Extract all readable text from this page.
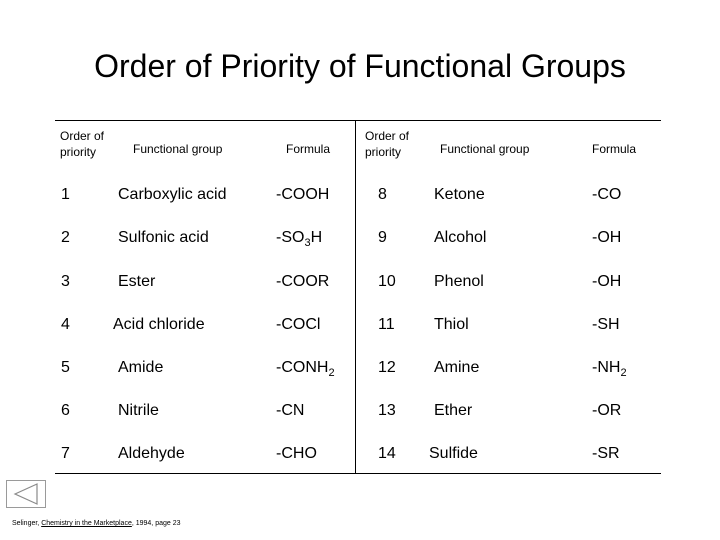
Order of Priority of Functional Groups
Order of
priority	Functional group	Formula
Order of
priority	Functional group	Formula
1	Carboxylic acid	-COOH	8	Ketone	-CO
2	Sulfonic acid	$-SO_3H$	9	Alcohol	-OH
3	Ester	-COOR	10 Phenol	-OH
4	Acid chloride	-COCl	11 Thiol	-SH
5	Amide	$-CONH_2$	12 Amine	$-NH_2$
6	Nitrile	-CN	13 Ether	-OR
7	Aldehyde	-CHO	14 Sulfide	-SR
Selinger, Chemistry in the Marketplace, 1994, page 23
